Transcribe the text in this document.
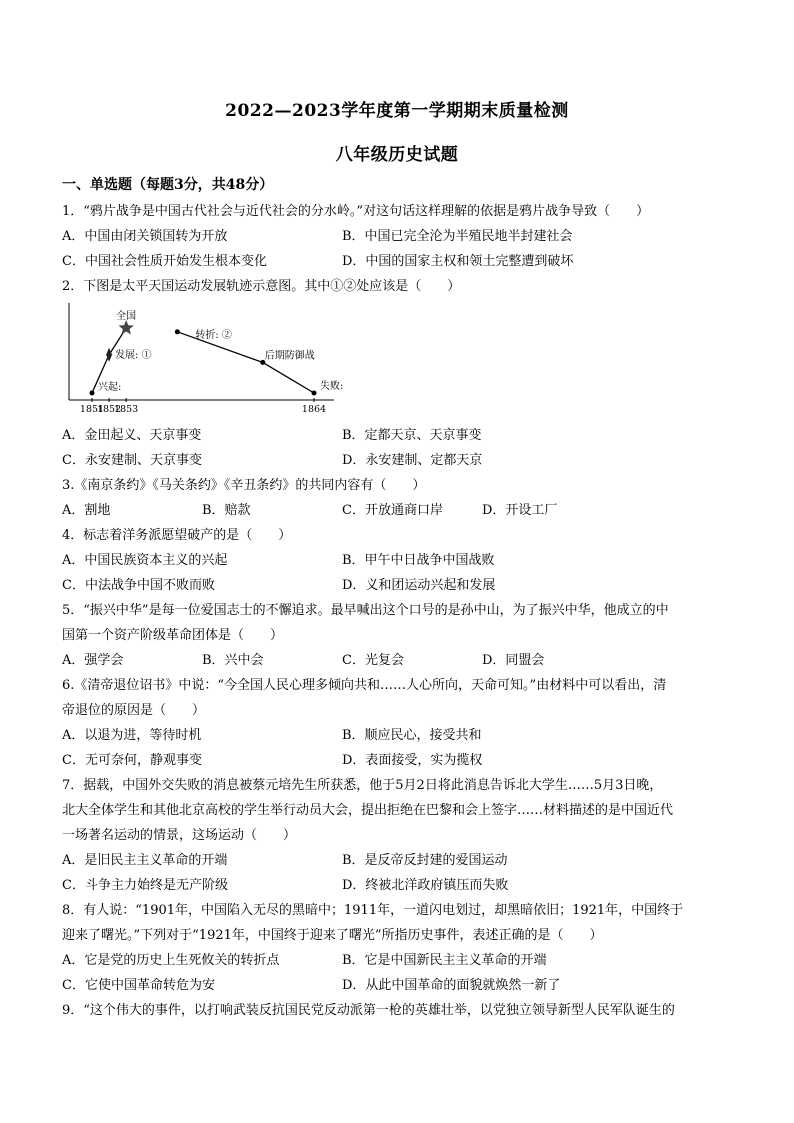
2022—2023学年度第一学期期末质量检测
八年级历史试题
一、单选题（每题3分，共48分）
1．“鸦片战争是中国古代社会与近代社会的分水岭。”对这句话这样理解的依据是鸦片战争导致（　　）
A．中国由闭关锁国转为开放	B．中国已完全沦为半殖民地半封建社会
C．中国社会性质开始发生根本变化	D．中国的国家主权和领土完整遭到破坏
2．下图是太平天国运动发展轨迹示意图。其中①②处应该是（　　）
兴起:
发展: ①
全国
转折: ②
后期防御战
失败:
1851
1852
1853	1864
A．金田起义、天京事变	B．定都天京、天京事变
C．永安建制、天京事变	D．永安建制、定都天京
3.《南京条约》《马关条约》《辛丑条约》的共同内容有（　　）
A．割地	B．赔款	C．开放通商口岸	D．开设工厂
4．标志着洋务派愿望破产的是（　　）
A．中国民族资本主义的兴起	B．甲午中日战争中国战败
C．中法战争中国不败而败	D．义和团运动兴起和发展
5．“振兴中华”是每一位爱国志士的不懈追求。最早喊出这个口号的是孙中山，为了振兴中华，他成立的中
国第一个资产阶级革命团体是（　　）
A．强学会	B．兴中会	C．光复会	D．同盟会
6.《清帝退位诏书》中说：“今全国人民心理多倾向共和……人心所向，天命可知。”由材料中可以看出，清
帝退位的原因是（　　）
A．以退为进，等待时机	B．顺应民心，接受共和
C．无可奈何，静观事变	D．表面接受，实为揽权
7．据载，中国外交失败的消息被蔡元培先生所获悉，他于5月2日将此消息告诉北大学生……5月3日晚，
北大全体学生和其他北京高校的学生举行动员大会，提出拒绝在巴黎和会上签字……材料描述的是中国近代
一场著名运动的情景，这场运动（　　）
A．是旧民主主义革命的开端	B．是反帝反封建的爱国运动
C．斗争主力始终是无产阶级	D．终被北洋政府镇压而失败
8．有人说：“1901年，中国陷入无尽的黑暗中；1911年，一道闪电划过，却黑暗依旧；1921年，中国终于
迎来了曙光。”下列对于“1921年，中国终于迎来了曙光”所指历史事件，表述正确的是（　　）
A．它是党的历史上生死攸关的转折点	B．它是中国新民主主义革命的开端
C．它使中国革命转危为安	D．从此中国革命的面貌就焕然一新了
9．“这个伟大的事件，以打响武装反抗国民党反动派第一枪的英雄壮举，以党独立领导新型人民军队诞生的
